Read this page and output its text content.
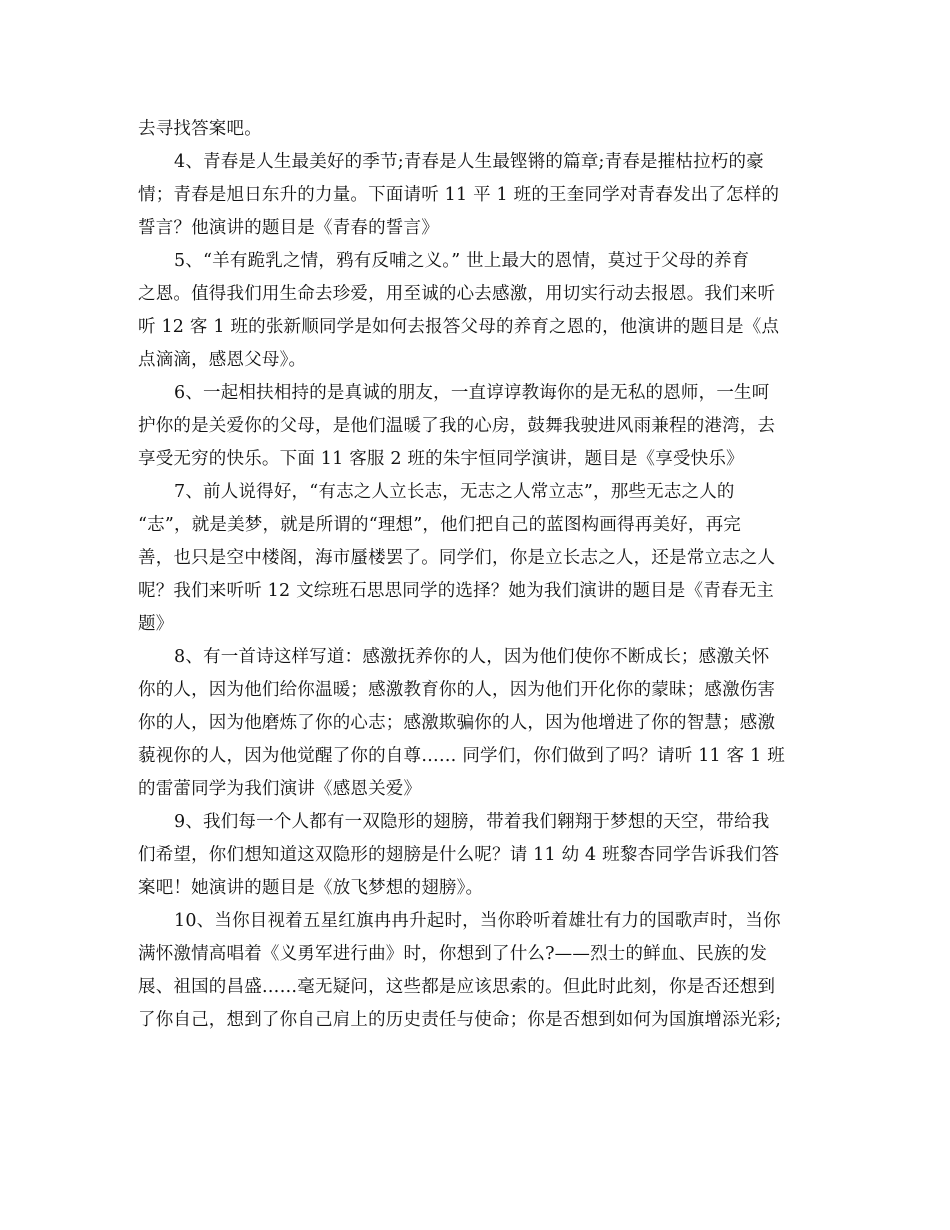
去寻找答案吧。

4、青春是人生最美好的季节;青春是人生最铿锵的篇章;青春是摧枯拉朽的豪
情；青春是旭日东升的力量。下面请听 11 平 1 班的王奎同学对青春发出了怎样的
誓言？他演讲的题目是《青春的誓言》

5、“羊有跪乳之情，鸦有反哺之义。” 世上最大的恩情，莫过于父母的养育
之恩。值得我们用生命去珍爱，用至诚的心去感激，用切实行动去报恩。我们来听
听 12 客 1 班的张新顺同学是如何去报答父母的养育之恩的，他演讲的题目是《点
点滴滴，感恩父母》。

6、一起相扶相持的是真诚的朋友，一直谆谆教诲你的是无私的恩师，一生呵
护你的是关爱你的父母，是他们温暖了我的心房，鼓舞我驶进风雨兼程的港湾，去
享受无穷的快乐。下面 11 客服 2 班的朱宇恒同学演讲，题目是《享受快乐》

7、前人说得好，“有志之人立长志，无志之人常立志”，那些无志之人的
“志”，就是美梦，就是所谓的“理想”，他们把自己的蓝图构画得再美好，再完
善，也只是空中楼阁，海市蜃楼罢了。同学们，你是立长志之人，还是常立志之人
呢？我们来听听 12 文综班石思思同学的选择？她为我们演讲的题目是《青春无主
题》

8、有一首诗这样写道：感激抚养你的人，因为他们使你不断成长；感激关怀
你的人，因为他们给你温暖；感激教育你的人，因为他们开化你的蒙昧；感激伤害
你的人，因为他磨炼了你的心志；感激欺骗你的人，因为他增进了你的智慧；感激
藐视你的人，因为他觉醒了你的自尊…… 同学们，你们做到了吗？请听 11 客 1 班
的雷蕾同学为我们演讲《感恩关爱》

9、我们每一个人都有一双隐形的翅膀，带着我们翱翔于梦想的天空，带给我
们希望，你们想知道这双隐形的翅膀是什么呢？请 11 幼 4 班黎杏同学告诉我们答
案吧！她演讲的题目是《放飞梦想的翅膀》。

10、当你目视着五星红旗冉冉升起时，当你聆听着雄壮有力的国歌声时，当你
满怀激情高唱着《义勇军进行曲》时，你想到了什么?——烈士的鲜血、民族的发
展、祖国的昌盛……毫无疑问，这些都是应该思索的。但此时此刻，你是否还想到
了你自己，想到了你自己肩上的历史责任与使命；你是否想到如何为国旗增添光彩;
